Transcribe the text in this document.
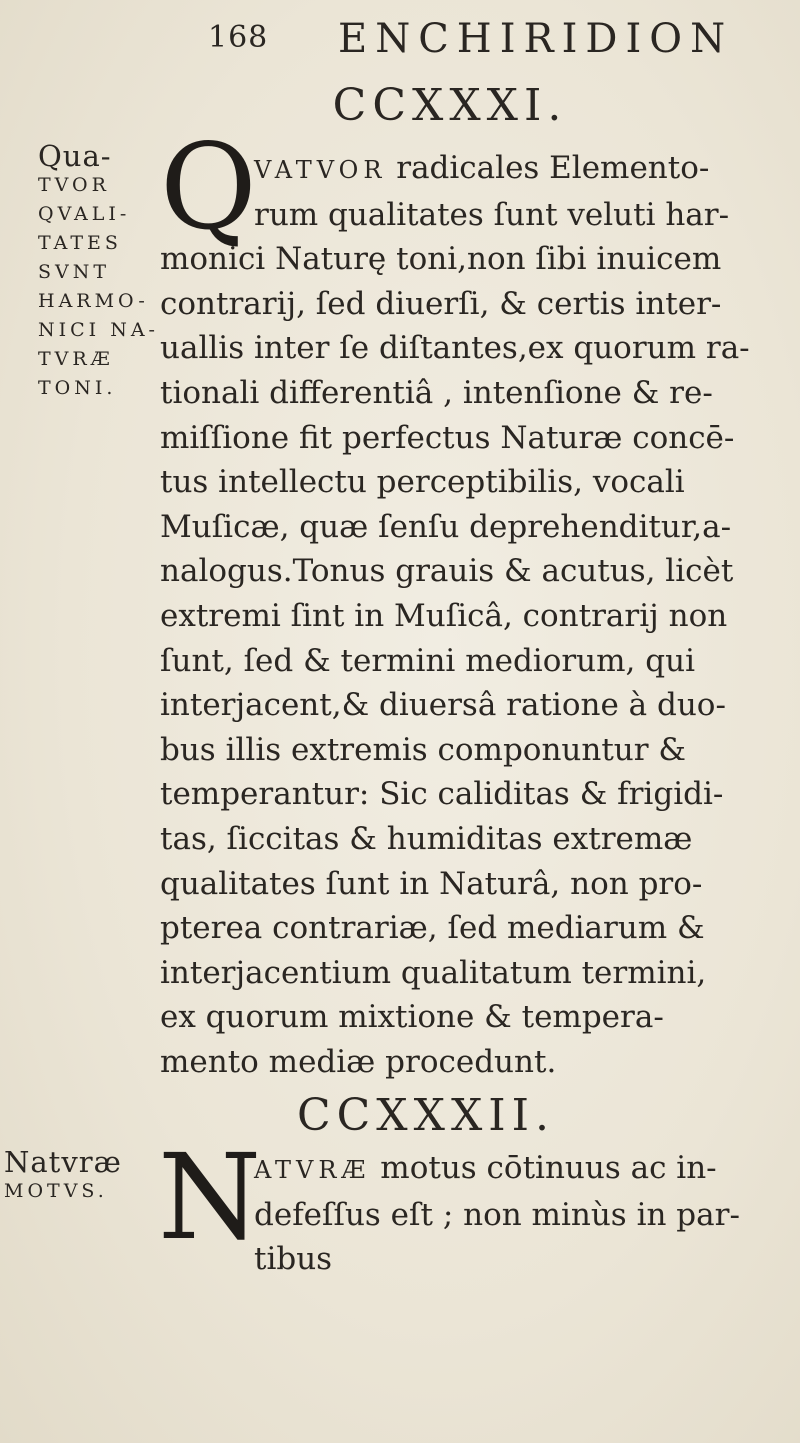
168 ENCHIRIDION
CCXXXI.
Qua-
TVOR
QVALI-
TATES
SVNT
HARMO-
NICI NA-
TVRÆ
TONI.
Q
VATVOR radicales Elemento-
rum qualitates ſunt veluti har-
monici Naturę toni,non ſibi inuicem
contrarij, ſed diuerſi, & certis inter-
uallis inter ſe diſtantes,ex quorum ra-
tionali differentiâ , intenſione & re-
miſſione fit perfectus Naturæ concē-
tus intellectu perceptibilis, vocali
Muſicæ, quæ ſenſu deprehenditur,a-
nalogus.Tonus grauis & acutus, licèt
extremi ſint in Muſicâ, contrarij non
ſunt, ſed & termini mediorum, qui
interjacent,& diuersâ ratione à duo-
bus illis extremis componuntur &
temperantur: Sic caliditas & frigidi-
tas, ſiccitas & humiditas extremæ
qualitates ſunt in Naturâ, non pro-
pterea contrariæ, ſed mediarum &
interjacentium qualitatum termini,
ex quorum mixtione & tempera-
mento mediæ procedunt.
CCXXXII.
Natvræ
MOTVS. N
ATVRÆ motus cōtinuus ac in-
defeſſus eſt ; non minùs in par-
tibus
